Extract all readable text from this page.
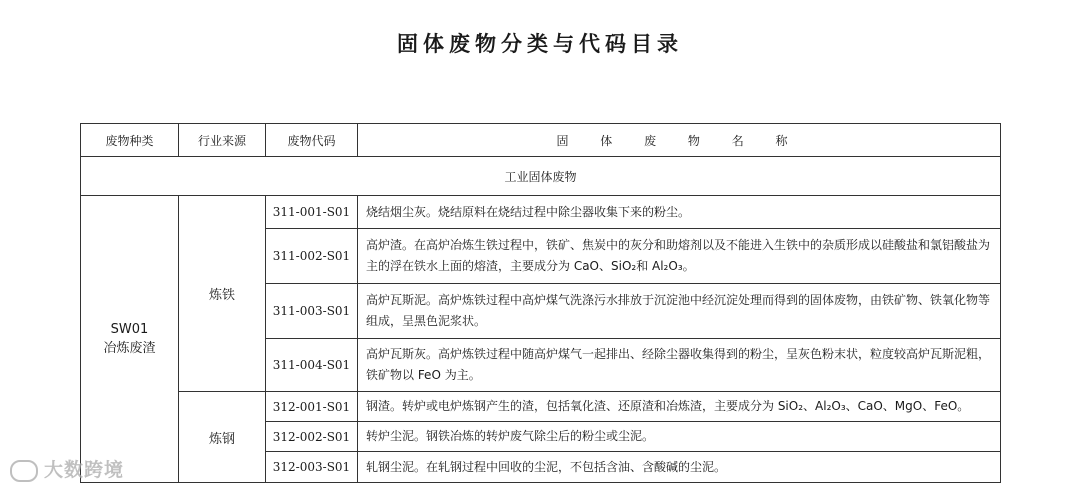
固体废物分类与代码目录
废物种类	行业来源	废物代码	固 体 废 物 名 称
工业固体废物			

SW01
冶炼废渣	炼铁	311-001-S01	烧结烟尘灰。烧结原料在烧结过程中除尘器收集下来的粉尘。
		311-002-S01	高炉渣。在高炉冶炼生铁过程中，铁矿、焦炭中的灰分和助熔剂以及不能进入生铁中的杂质形成以硅酸盐和氯铝酸盐为主的浮在铁水上面的熔渣，主要成分为 CaO、SiO₂和 Al₂O₃。
		311-003-S01	高炉瓦斯泥。高炉炼铁过程中高炉煤气洗涤污水排放于沉淀池中经沉淀处理而得到的固体废物，由铁矿物、铁氧化物等组成，呈黑色泥浆状。
		311-004-S01	高炉瓦斯灰。高炉炼铁过程中随高炉煤气一起排出、经除尘器收集得到的粉尘，呈灰色粉末状，粒度较高炉瓦斯泥粗，铁矿物以 FeO 为主。
	炼钢	312-001-S01	钢渣。转炉或电炉炼钢产生的渣，包括氧化渣、还原渣和冶炼渣，主要成分为 SiO₂、Al₂O₃、CaO、MgO、FeO。
		312-002-S01	转炉尘泥。钢铁冶炼的转炉废气除尘后的粉尘或尘泥。
		312-003-S01	轧钢尘泥。在轧钢过程中回收的尘泥，不包括含油、含酸碱的尘泥。
大数跨境
